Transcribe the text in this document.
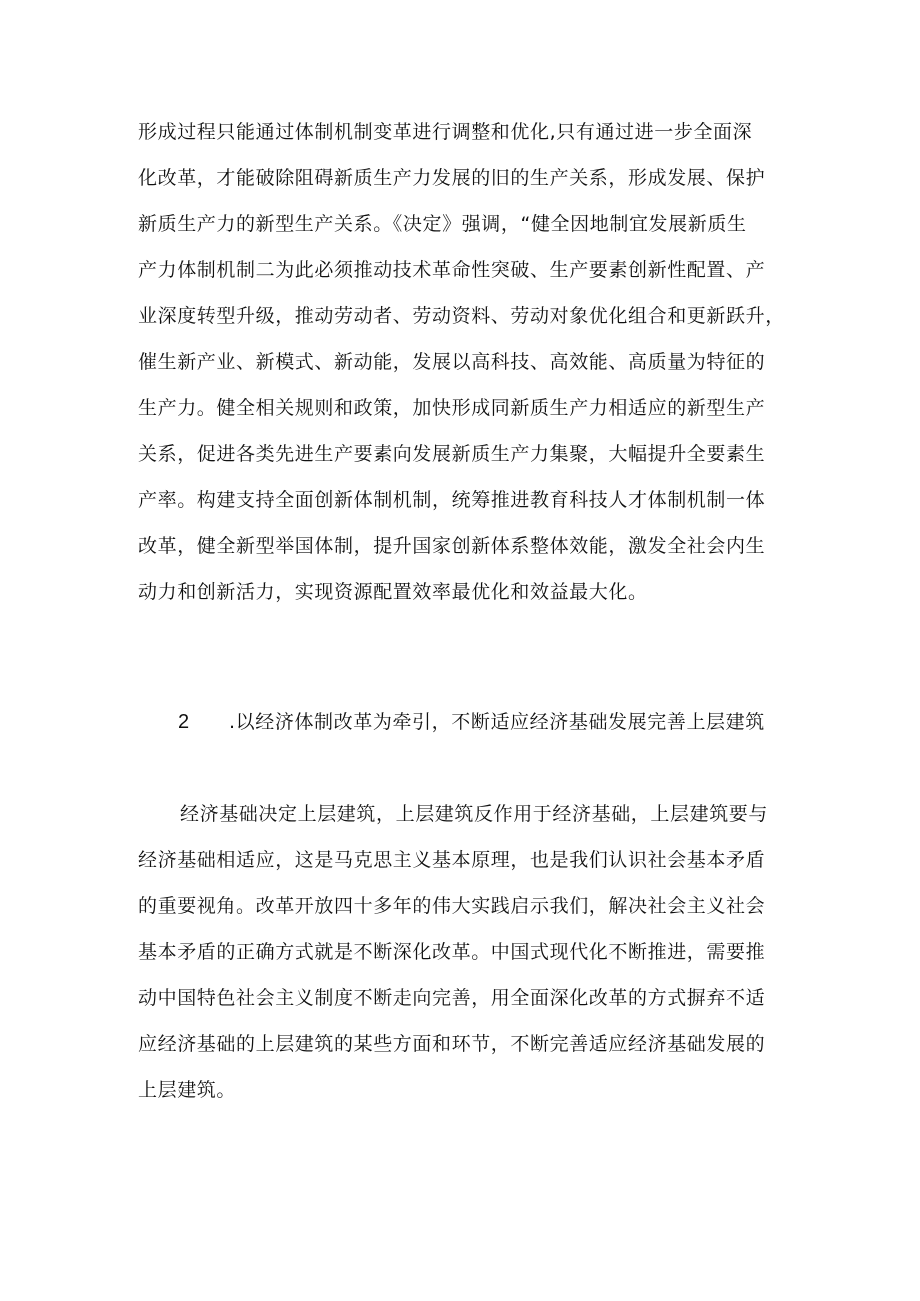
形成过程只能通过体制机制变革进行调整和优化,只有通过进一步全面深
化改革，才能破除阻碍新质生产力发展的旧的生产关系，形成发展、保护
新质生产力的新型生产关系。《决定》强调，“健全因地制宜发展新质生
产力体制机制二为此必须推动技术革命性突破、生产要素创新性配置、产
业深度转型升级，推动劳动者、劳动资料、劳动对象优化组合和更新跃升，
催生新产业、新模式、新动能，发展以高科技、高效能、高质量为特征的
生产力。健全相关规则和政策，加快形成同新质生产力相适应的新型生产
关系，促进各类先进生产要素向发展新质生产力集聚，大幅提升全要素生
产率。构建支持全面创新体制机制，统筹推进教育科技人才体制机制一体
改革，健全新型举国体制，提升国家创新体系整体效能，激发全社会内生
动力和创新活力，实现资源配置效率最优化和效益最大化。
2 .以经济体制改革为牵引，不断适应经济基础发展完善上层建筑
经济基础决定上层建筑，上层建筑反作用于经济基础，上层建筑要与
经济基础相适应，这是马克思主义基本原理，也是我们认识社会基本矛盾
的重要视角。改革开放四十多年的伟大实践启示我们，解决社会主义社会
基本矛盾的正确方式就是不断深化改革。中国式现代化不断推进，需要推
动中国特色社会主义制度不断走向完善，用全面深化改革的方式摒弃不适
应经济基础的上层建筑的某些方面和环节，不断完善适应经济基础发展的
上层建筑。
